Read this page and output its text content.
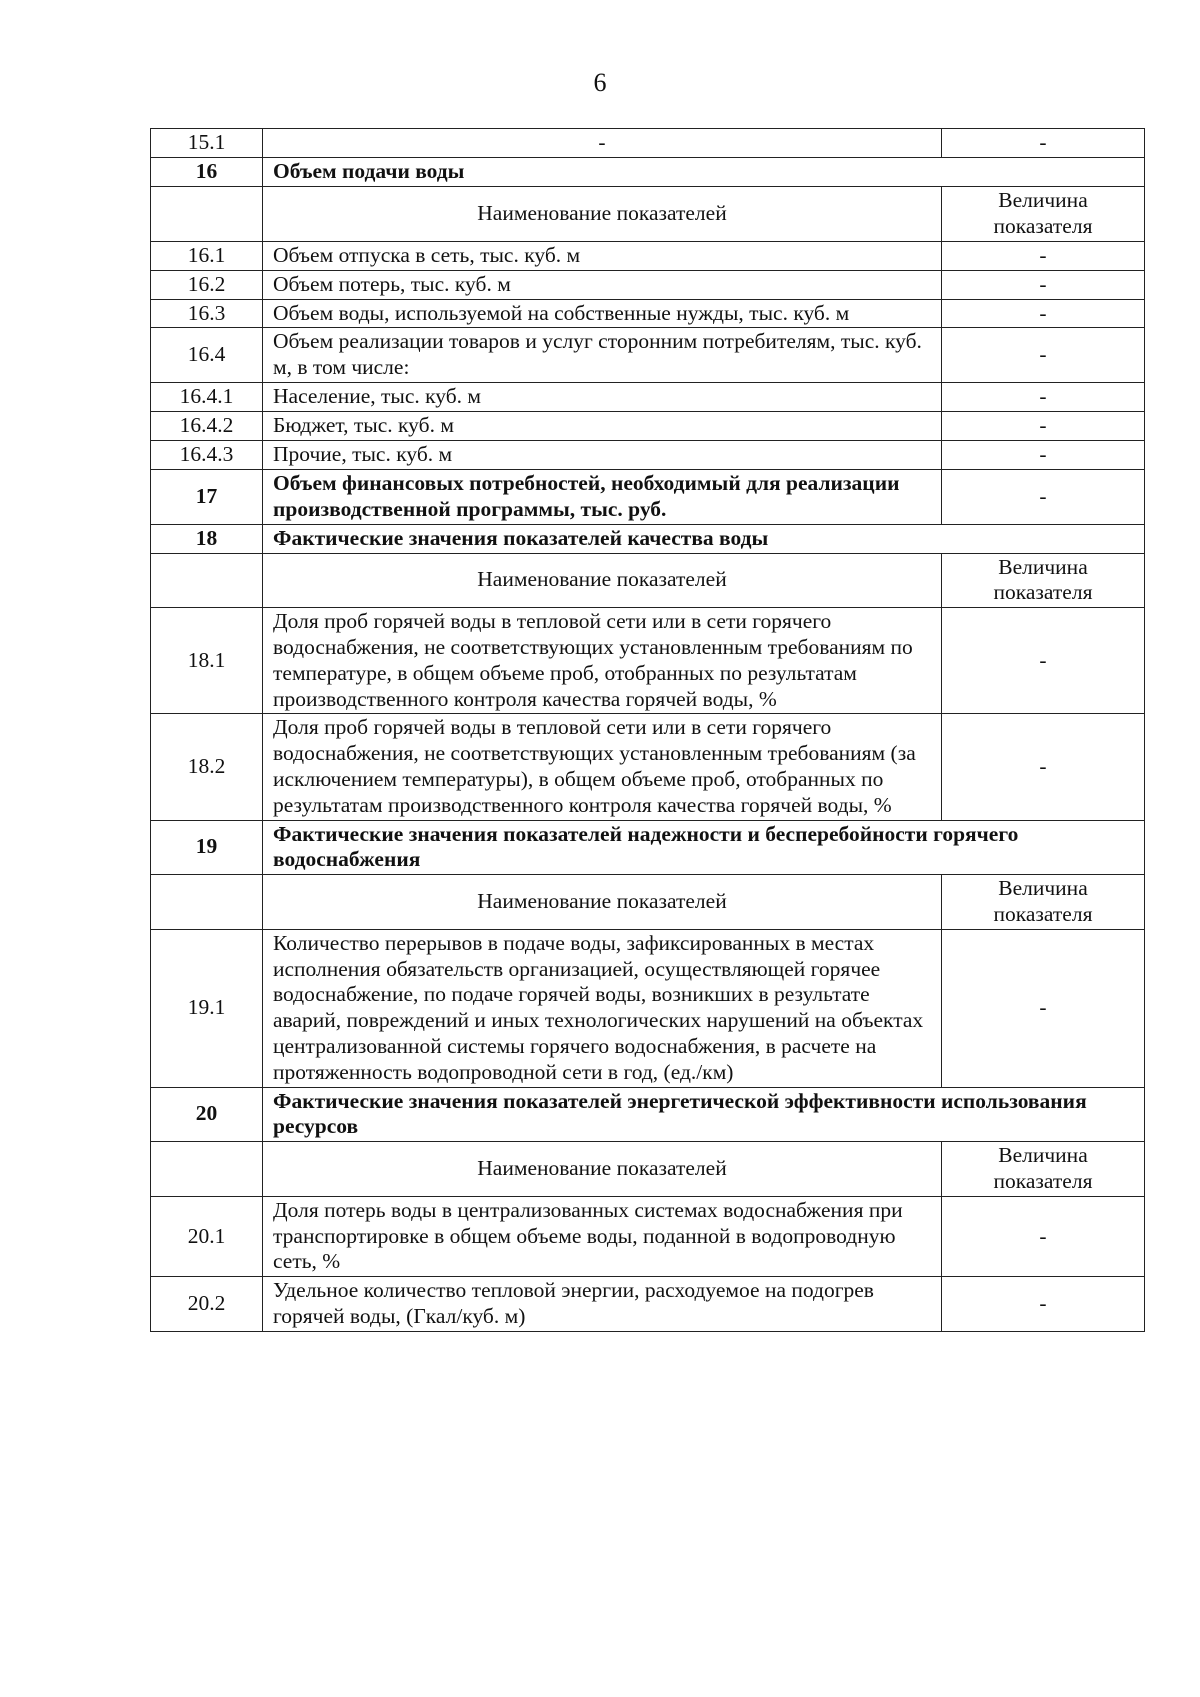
6
15.1	-	-
16	Объем подачи воды	
	Наименование показателей	Величина показателя
16.1	Объем отпуска в сеть, тыс. куб. м	-
16.2	Объем потерь, тыс. куб. м	-
16.3	Объем воды, используемой на собственные нужды, тыс. куб. м	-
16.4	Объем реализации товаров и услуг сторонним потребителям, тыс. куб. м, в том числе:	-
16.4.1	Население, тыс. куб. м	-
16.4.2	Бюджет, тыс. куб. м	-
16.4.3	Прочие, тыс. куб. м	-
17	Объем финансовых потребностей, необходимый для реализации производственной программы, тыс. руб.	-
18	Фактические значения показателей качества воды	
	Наименование показателей	Величина показателя
18.1	Доля проб горячей воды в тепловой сети или в сети горячего водоснабжения, не соответствующих установленным требованиям по температуре, в общем объеме проб, отобранных по результатам производственного контроля качества горячей воды, %	-
18.2	Доля проб горячей воды в тепловой сети или в сети горячего водоснабжения, не соответствующих установленным требованиям (за исключением температуры), в общем объеме проб, отобранных по результатам производственного контроля качества горячей воды, %	-
19	Фактические значения показателей надежности и бесперебойности горячего водоснабжения	
	Наименование показателей	Величина показателя
19.1	Количество перерывов в подаче воды, зафиксированных в местах исполнения обязательств организацией, осуществляющей горячее водоснабжение, по подаче горячей воды, возникших в результате аварий, повреждений и иных технологических нарушений на объектах централизованной системы горячего водоснабжения, в расчете на протяженность водопроводной сети в год, (ед./км)	-
20	Фактические значения показателей энергетической эффективности использования ресурсов	
	Наименование показателей	Величина показателя
20.1	Доля потерь воды в централизованных системах водоснабжения при транспортировке в общем объеме воды, поданной в водопроводную сеть, %	-
20.2	Удельное количество тепловой энергии, расходуемое на подогрев горячей воды, (Гкал/куб. м)	-
